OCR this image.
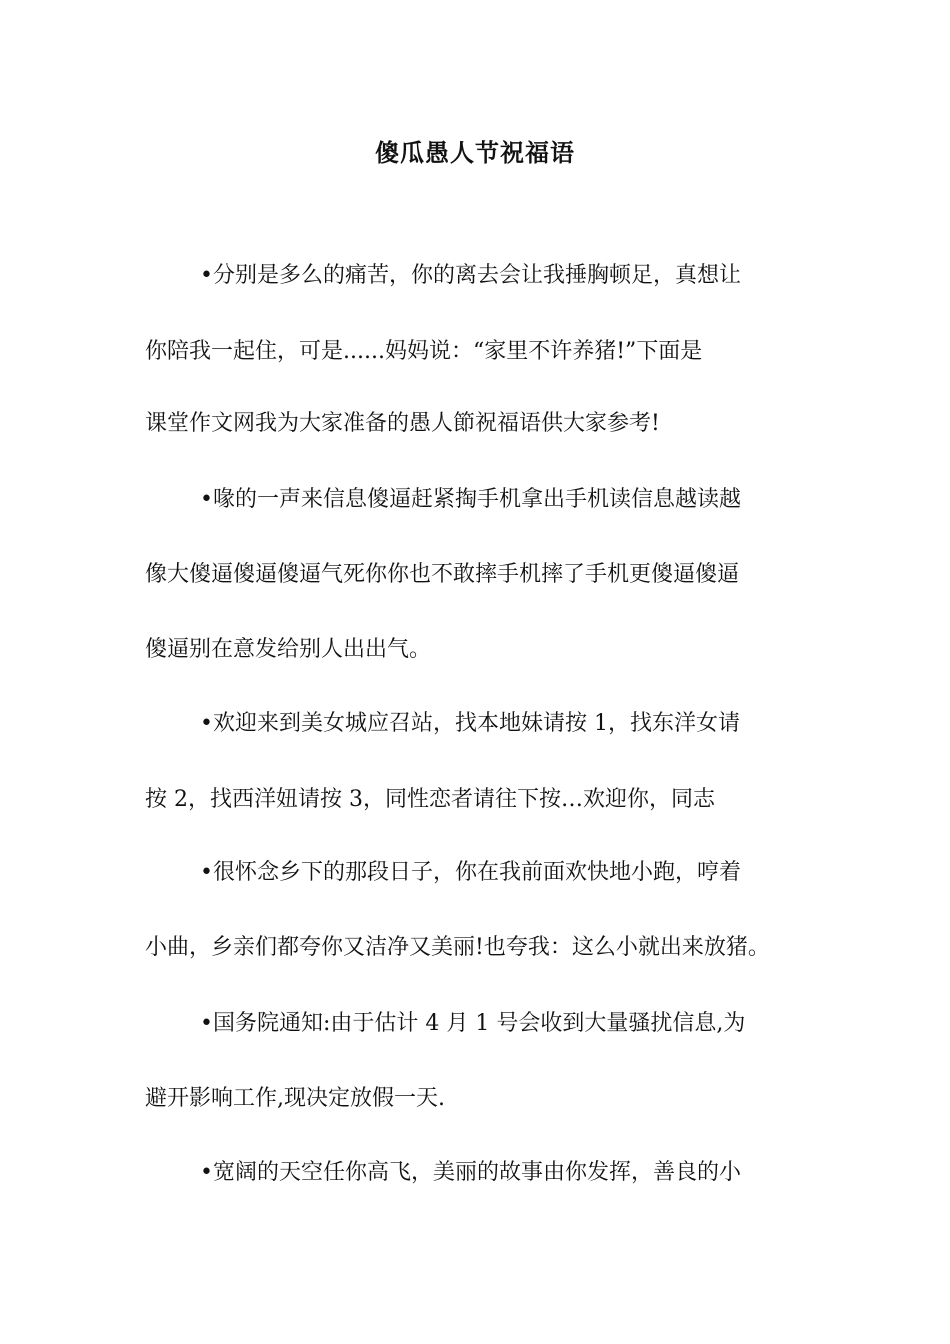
傻瓜愚人节祝福语
•分别是多么的痛苦，你的离去会让我捶胸顿足，真想让
你陪我一起住，可是......妈妈说：“家里不许养猪!”下面是
课堂作文网我为大家准备的愚人節祝福语供大家参考!
•喙的一声来信息傻逼赶紧掏手机拿出手机读信息越读越
像大傻逼傻逼傻逼气死你你也不敢摔手机摔了手机更傻逼傻逼
傻逼别在意发给别人出出气。
•欢迎来到美女城应召站，找本地妹请按 1，找东洋女请
按 2，找西洋妞请按 3，同性恋者请往下按…欢迎你，同志
•很怀念乡下的那段日子，你在我前面欢快地小跑，哼着
小曲，乡亲们都夸你又洁净又美丽!也夸我：这么小就出来放猪。
•国务院通知:由于估计 4 月 1 号会收到大量骚扰信息,为
避开影响工作,现决定放假一天.
•宽阔的天空任你高飞，美丽的故事由你发挥，善良的小
